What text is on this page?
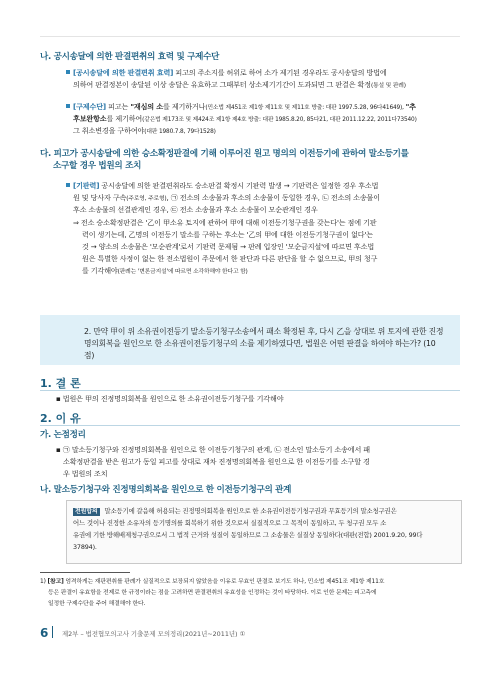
나. 공시송달에 의한 판결편취의 효력 및 구제수단

[공시송달에 의한 판결편취 효력] 피고의 주소지를 허위로 하여 소가 제기된 경우라도 공시송달의 방법에

의하여 판결정본이 송달된 이상 송달은 유효하고 그때부터 상소제기기간이 도과되면 그 판결은 확정(통설 및 판례)

[구제수단] 피고는 "재심의 소를 제기하거나(민소법 제451조 제1항 제11호 및 제11호 방출: 대판 1997.5.28, 96다41649), "추

후보완항소를 제기하여(같은법 제173조 및 제424조 제1항 제4호 방출: 대판 1985.8.20, 85다21, 대판 2011.12.22, 2011다73540)

그 취소변경을 구하여야(대판 1980.7.8, 79다1528)

다. 피고가 공시송달에 의한 승소확정판결에 기해 이루어진 원고 명의의 이전등기에 관하여 말소등기를

소구할 경우 법원의 조치

[기판력] 공시송달에 의한 판결편취라도 승소판결 확정시 기판력 발생 → 기판력은 일정한 경우 후소법

원 및 당사자 구속(주로영, 주로형), ㉠ 전소의 소송물과 후소의 소송물이 동일한 경우, ㉡ 전소의 소송물이

후소 소송물의 선결관계인 경우, ㉢ 전소 소송물과 후소 소송물이 모순관계인 경우

⇒ 전소 승소확정판결은 '乙이 甲소유 토지에 관하여 甲에 대해 이전등기청구권을 갖는다'는 점에 기판

력이 생기는데, 乙명의 이전등기 말소를 구하는 후소는 '乙의 甲에 대한 이전등기청구권이 없다'는

것 → 양소의 소송물은 '모순관계'로서 기판력 문제됨 → 판례 입장인 '모순금지설'에 따르면 후소법

원은 특별한 사정이 없는 한 전소법원이 주문에서 한 판단과 다른 판단을 할 수 없으므로, 甲의 청구

를 기각해야(판례는 '변론금지설'에 따르면 소각하해야 한다고 함)

2. 만약 甲이 위 소유권이전등기 말소등기청구소송에서 패소 확정된 후, 다시 乙을 상대로 위 토지에 관한 진정
명의회복을 원인으로 한 소유권이전등기청구의 소를 제기하였다면, 법원은 어떤 판결을 하여야 하는가? (10점)

1. 결 론

▪ 법원은 甲의 진정명의회복을 원인으로 한 소유권이전등기청구를 기각해야

2. 이 유

가. 논점정리

▪ ㉠ 말소등기청구와 진정명의회복을 원인으로 한 이전등기청구의 관계, ㉡ 전소인 말소등기 소송에서 패

소확정판결을 받은 원고가 동일 피고를 상대로 재차 진정명의회복을 원인으로 한 이전등기를 소구할 경

우 법원의 조치

나. 말소등기청구와 진정명의회복을 원인으로 한 이전등기청구의 관계

전원합의 말소등기에 갈음해 허용되는 진정명의회복을 원인으로 한 소유권이전등기청구권과 무효등기의 말소청구권은

어느 것이나 진정한 소유자의 등기명의를 회복하기 위한 것으로서 실질적으로 그 목적이 동일하고, 두 청구권 모두 소

유권에 기한 방해배제청구권으로서 그 법적 근거와 성질이 동일하므로 그 소송물은 실질상 동일하다(대판(전합) 2001.9.20, 99다

37894).

1) [참고] 엄격하게는 재판편취를 판례가 실질적으로 보장되지 않았음을 이유로 무효인 판결로 보기도 하나, 민소법 제451조 제1항 제11호

등은 판결이 유효함을 전제로 한 규정이라는 점을 고려하면 판결편취의 유효성을 인정하는 것이 타당하다. 이로 인한 문제는 피고측에

일정한 구제수단을 주어 해결해야 한다.

6 제2부 – 법전협모의고사 기출문제 모의정리(2021년~2011년) ①
